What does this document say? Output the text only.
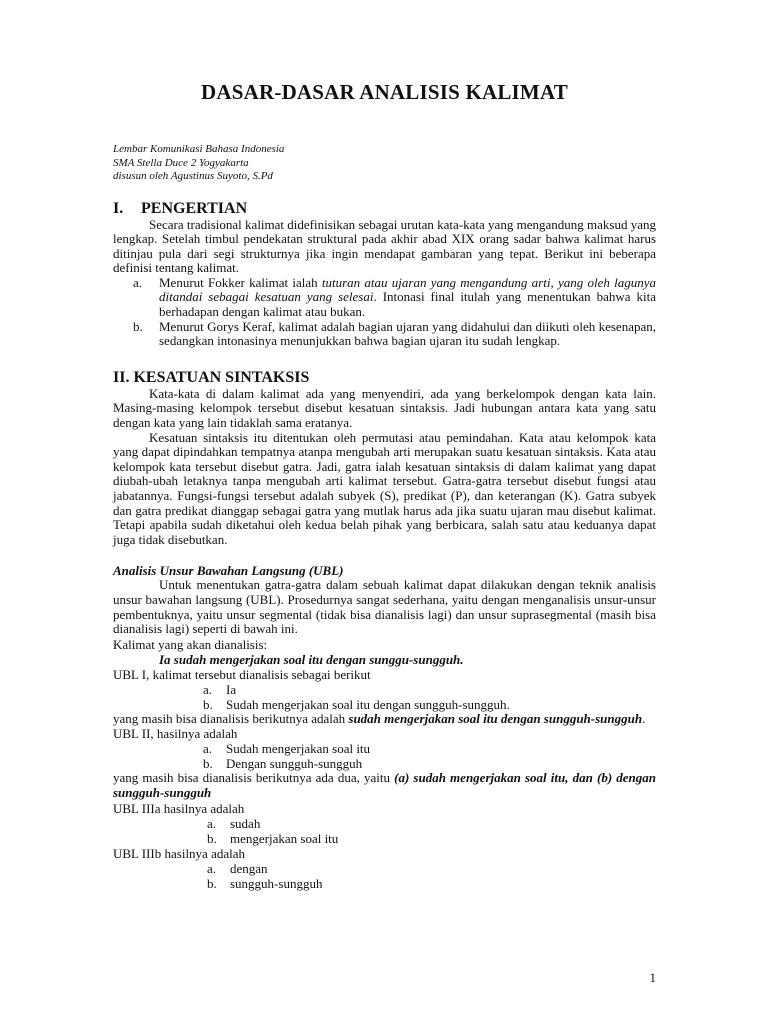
DASAR-DASAR ANALISIS KALIMAT
Lembar Komunikasi Bahasa Indonesia
SMA Stella Duce 2 Yogyakarta
disusun oleh Agustinus Suyoto, S.Pd
I. PENGERTIAN

Secara tradisional kalimat didefinisikan sebagai urutan kata-kata yang mengandung maksud yang lengkap. Setelah timbul pendekatan struktural pada akhir abad XIX orang sadar bahwa kalimat harus ditinjau pula dari segi strukturnya jika ingin mendapat gambaran yang tepat. Berikut ini beberapa definisi tentang kalimat.

a. Menurut Fokker kalimat ialah tuturan atau ujaran yang mengandung arti, yang oleh lagunya ditandai sebagai kesatuan yang selesai. Intonasi final itulah yang menentukan bahwa kita berhadapan dengan kalimat atau bukan.
b. Menurut Gorys Keraf, kalimat adalah bagian ujaran yang didahului dan diikuti oleh kesenapan, sedangkan intonasinya menunjukkan bahwa bagian ujaran itu sudah lengkap.
II. KESATUAN SINTAKSIS

Kata-kata di dalam kalimat ada yang menyendiri, ada yang berkelompok dengan kata lain. Masing-masing kelompok tersebut disebut kesatuan sintaksis. Jadi hubungan antara kata yang satu dengan kata yang lain tidaklah sama eratanya.

Kesatuan sintaksis itu ditentukan oleh permutasi atau pemindahan. Kata atau kelompok kata yang dapat dipindahkan tempatnya atanpa mengubah arti merupakan suatu kesatuan sintaksis. Kata atau kelompok kata tersebut disebut gatra. Jadi, gatra ialah kesatuan sintaksis di dalam kalimat yang dapat diubah-ubah letaknya tanpa mengubah arti kalimat tersebut. Gatra-gatra tersebut disebut fungsi atau jabatannya. Fungsi-fungsi tersebut adalah subyek (S), predikat (P), dan keterangan (K). Gatra subyek dan gatra predikat dianggap sebagai gatra yang mutlak harus ada jika suatu ujaran mau disebut kalimat. Tetapi apabila sudah diketahui oleh kedua belah pihak yang berbicara, salah satu atau keduanya dapat juga tidak disebutkan.

Analisis Unsur Bawahan Langsung (UBL)

Untuk menentukan gatra-gatra dalam sebuah kalimat dapat dilakukan dengan teknik analisis unsur bawahan langsung (UBL). Prosedurnya sangat sederhana, yaitu dengan menganalisis unsur-unsur pembentuknya, yaitu unsur segmental (tidak bisa dianalisis lagi) dan unsur suprasegmental (masih bisa dianalisis lagi) seperti di bawah ini.

Kalimat yang akan dianalisis:
Ia sudah mengerjakan soal itu dengan sunggu-sungguh.
UBL I, kalimat tersebut dianalisis sebagai berikut
a. Ia
b. Sudah mengerjakan soal itu dengan sungguh-sungguh.

yang masih bisa dianalisis berikutnya adalah sudah mengerjakan soal itu dengan sungguh-sungguh.

UBL II, hasilnya adalah
a. Sudah mengerjakan soal itu
b. Dengan sungguh-sungguh

yang masih bisa dianalisis berikutnya ada dua, yaitu (a) sudah mengerjakan soal itu, dan (b) dengan sungguh-sungguh

UBL IIIa hasilnya adalah
a. sudah
b. mengerjakan soal itu
UBL IIIb hasilnya adalah
a. dengan
b. sungguh-sungguh
1
